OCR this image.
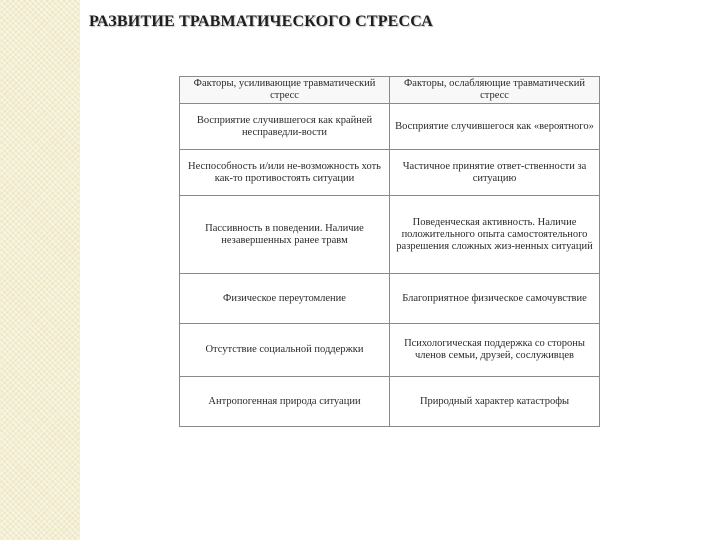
РАЗВИТИЕ ТРАВМАТИЧЕСКОГО СТРЕССА
Факторы, усиливающие травматический стресс	Факторы, ослабляющие травматический стресс
Восприятие случившегося как крайней несправедли-вости	Восприятие случившегося как «вероятного»
Неспособность и/или не-возможность хоть как-то противостоять ситуации	Частичное принятие ответ-ственности за ситуацию
Пассивность в поведении. Наличие незавершенных ранее травм	Поведенческая активность. Наличие положительного опыта самостоятельного разрешения сложных жиз-ненных ситуаций
Физическое переутомление	Благоприятное физическое самочувствие
Отсутствие социальной поддержки	Психологическая поддержка со стороны членов семьи, друзей, сослуживцев
Антропогенная природа ситуации	Природный характер катастрофы
